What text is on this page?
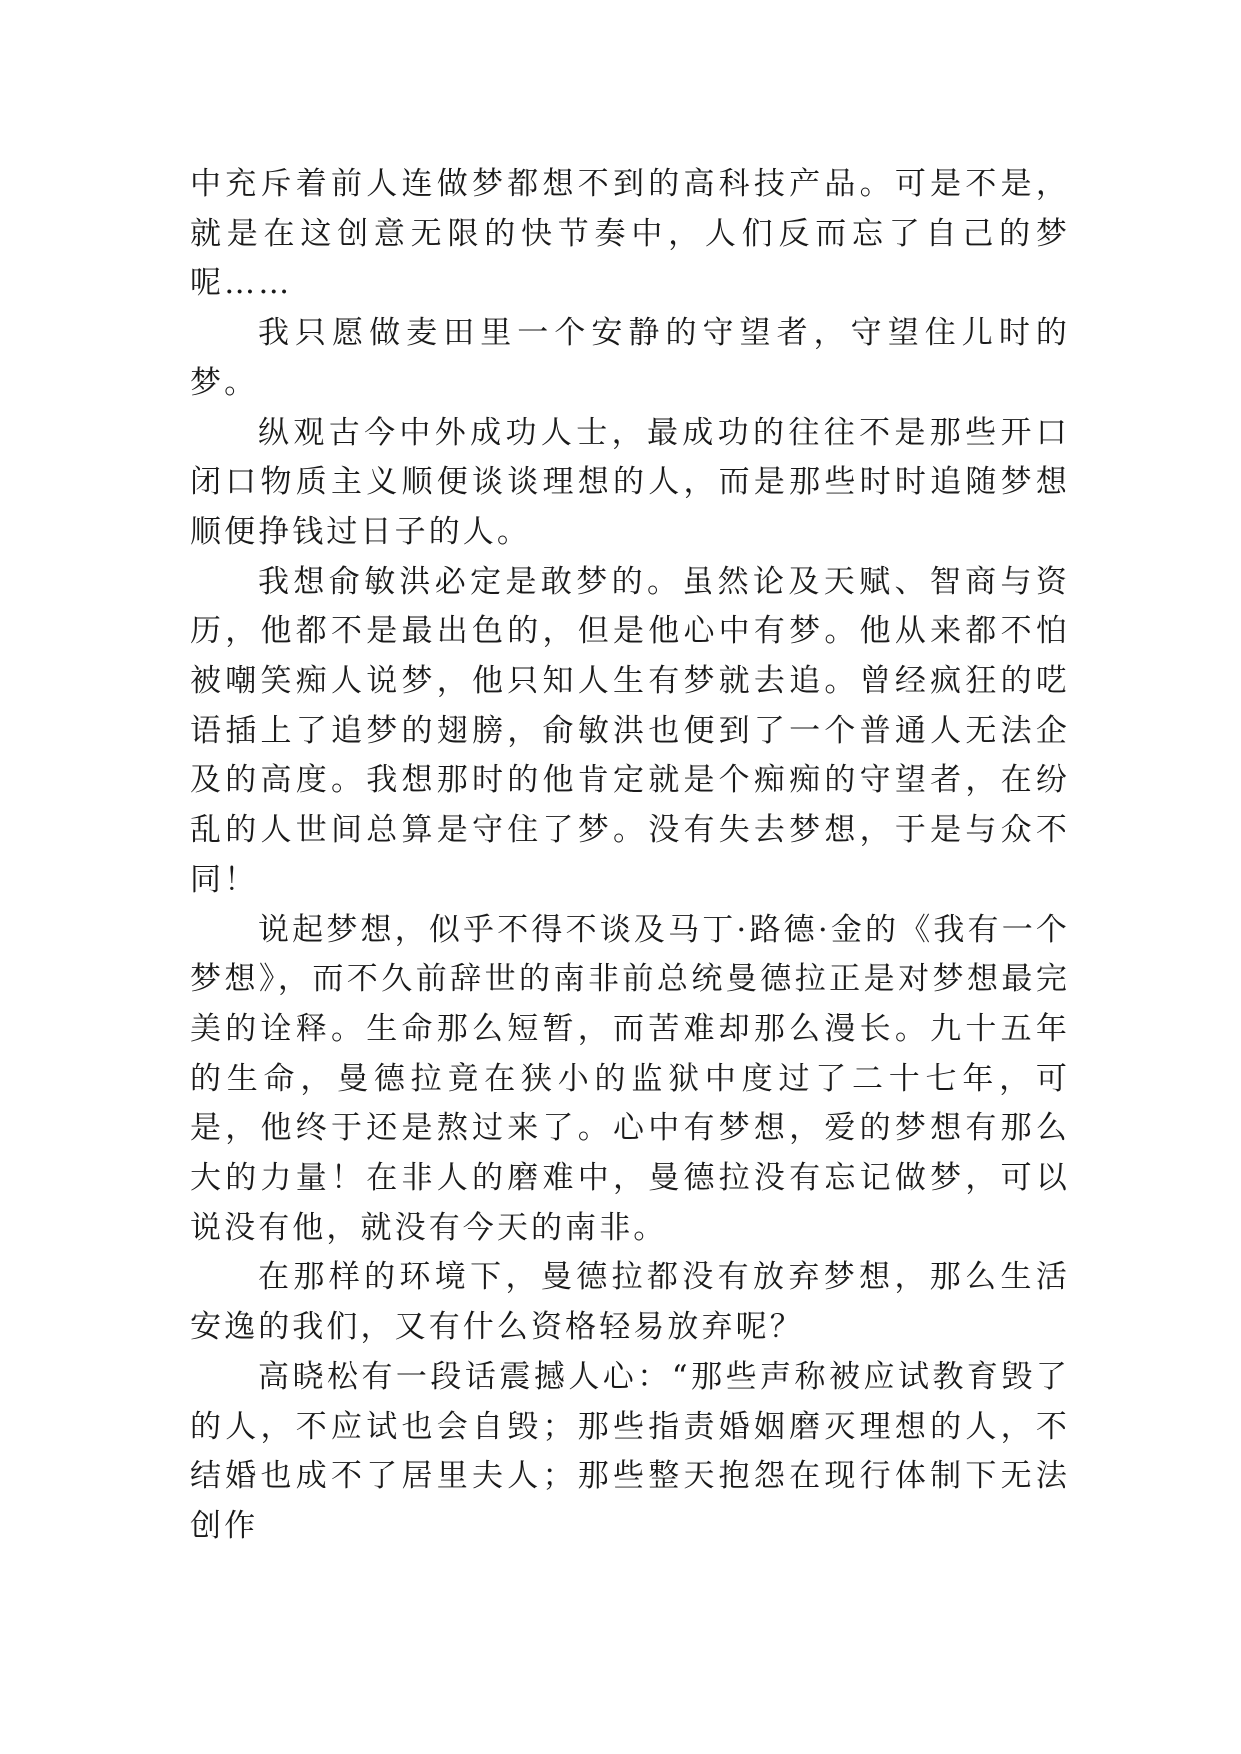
中充斥着前人连做梦都想不到的高科技产品。可是不是，就是在这创意无限的快节奏中，人们反而忘了自己的梦呢……

我只愿做麦田里一个安静的守望者，守望住儿时的梦。

纵观古今中外成功人士，最成功的往往不是那些开口闭口物质主义顺便谈谈理想的人，而是那些时时追随梦想顺便挣钱过日子的人。

我想俞敏洪必定是敢梦的。虽然论及天赋、智商与资历，他都不是最出色的，但是他心中有梦。他从来都不怕被嘲笑痴人说梦，他只知人生有梦就去追。曾经疯狂的呓语插上了追梦的翅膀，俞敏洪也便到了一个普通人无法企及的高度。我想那时的他肯定就是个痴痴的守望者，在纷乱的人世间总算是守住了梦。没有失去梦想，于是与众不同！

说起梦想，似乎不得不谈及马丁·路德·金的《我有一个梦想》，而不久前辞世的南非前总统曼德拉正是对梦想最完美的诠释。生命那么短暂，而苦难却那么漫长。九十五年的生命，曼德拉竟在狭小的监狱中度过了二十七年，可是，他终于还是熬过来了。心中有梦想，爱的梦想有那么大的力量！在非人的磨难中，曼德拉没有忘记做梦，可以说没有他，就没有今天的南非。

在那样的环境下，曼德拉都没有放弃梦想，那么生活安逸的我们，又有什么资格轻易放弃呢？

高晓松有一段话震撼人心：“那些声称被应试教育毁了的人，不应试也会自毁；那些指责婚姻磨灭理想的人，不结婚也成不了居里夫人；那些整天抱怨在现行体制下无法创作
